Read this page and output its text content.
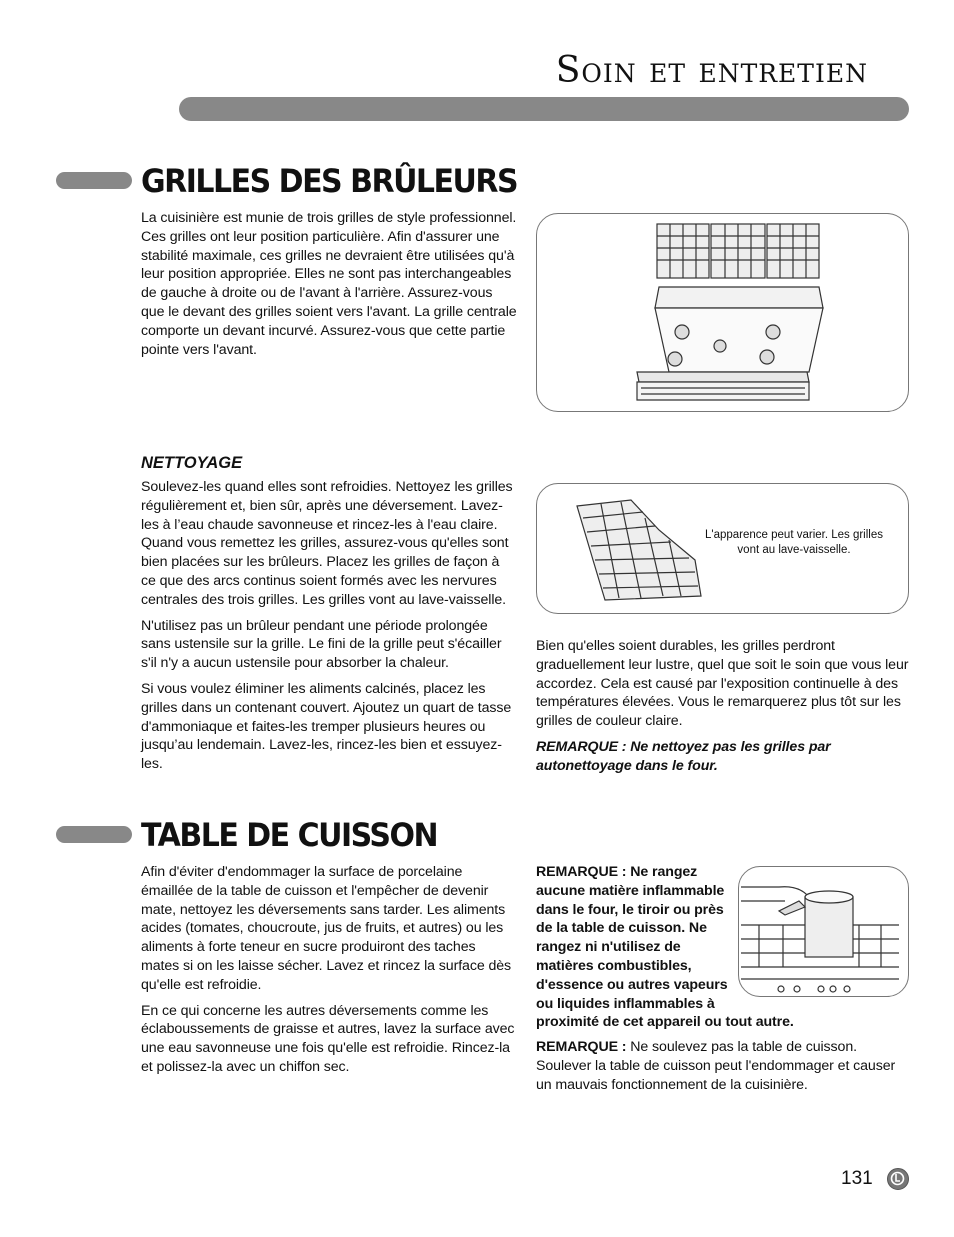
Soin et entretien
GRILLES DES BRÛLEURS

La cuisinière est munie de trois grilles de style professionnel. Ces grilles ont leur position particulière. Afin d'assurer une stabilité maximale, ces grilles ne devraient être utilisées qu'à leur position appropriée. Elles ne sont pas interchangeables de gauche à droite ou de l'avant à l'arrière. Assurez-vous que le devant des grilles soient vers l'avant. La grille centrale comporte un devant incurvé. Assurez-vous que cette partie pointe vers l'avant.

NETTOYAGE

Soulevez-les quand elles sont refroidies. Nettoyez les grilles régulièrement et, bien sûr, après une déversement. Lavez-les à l’eau chaude savonneuse et rincez-les à l'eau claire. Quand vous remettez les grilles, assurez-vous qu'elles sont bien placées sur les brûleurs. Placez les grilles de façon à ce que des arcs continus soient formés avec les nervures centrales des trois grilles. Les grilles vont au lave-vaisselle.

N'utilisez pas un brûleur pendant une période prolongée sans ustensile sur la grille. Le fini de la grille peut s'écailler s'il n'y a aucun ustensile pour absorber la chaleur.

Si vous voulez éliminer les aliments calcinés, placez les grilles dans un contenant couvert. Ajoutez un quart de tasse d'ammoniaque et faites-les tremper plusieurs heures ou jusqu’au lendemain. Lavez-les, rincez-les bien et essuyez-les.

L'apparence peut varier. Les grilles vont au lave-vaisselle.

Bien qu'elles soient durables, les grilles perdront graduellement leur lustre, quel que soit le soin que vous leur accordez. Cela est causé par l'exposition continuelle à des températures élevées. Vous le remarquerez plus tôt sur les grilles de couleur claire.

REMARQUE : Ne nettoyez pas les grilles par autonettoyage dans le four.

TABLE DE CUISSON

Afin d'éviter d'endommager la surface de porcelaine émaillée de la table de cuisson et l'empêcher de devenir mate, nettoyez les déversements sans tarder. Les aliments acides (tomates, choucroute, jus de fruits, et autres) ou les aliments à forte teneur en sucre produiront des taches mates si on les laisse sécher. Lavez et rincez la surface dès qu'elle est refroidie.

En ce qui concerne les autres déversements comme les éclaboussements de graisse et autres, lavez la surface avec une eau savonneuse une fois qu'elle est refroidie. Rincez-la et polissez-la avec un chiffon sec.

REMARQUE : Ne rangez aucune matière inflammable dans le four, le tiroir ou près de la table de cuisson. Ne rangez ni n'utilisez de matières combustibles, d'essence ou autres vapeurs ou liquides inflammables à
proximité de cet appareil ou tout autre.

REMARQUE : Ne soulevez pas la table de cuisson. Soulever la table de cuisson peut l'endommager et causer un mauvais fonctionnement de la cuisinière.

131
